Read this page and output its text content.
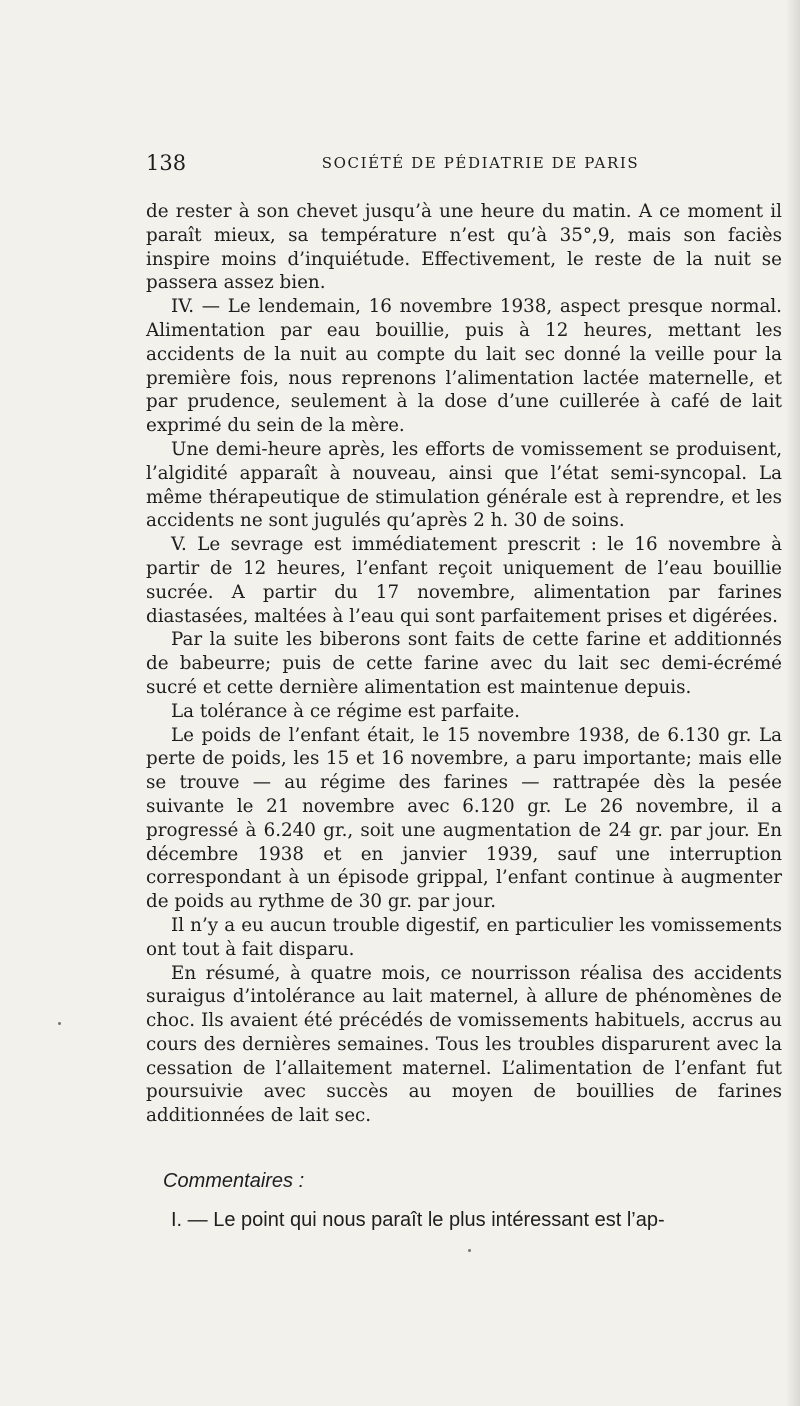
138	SOCIÉTÉ DE PÉDIATRIE DE PARIS

de rester à son chevet jusqu’à une heure du matin. A ce moment il paraît mieux, sa température n’est qu’à 35°,9, mais son faciès inspire moins d’inquiétude. Effectivement, le reste de la nuit se passera assez bien.

IV. — Le lendemain, 16 novembre 1938, aspect presque normal. Alimentation par eau bouillie, puis à 12 heures, mettant les accidents de la nuit au compte du lait sec donné la veille pour la première fois, nous reprenons l’alimentation lactée maternelle, et par prudence, seulement à la dose d’une cuillerée à café de lait exprimé du sein de la mère.

Une demi-heure après, les efforts de vomissement se produisent, l’algidité apparaît à nouveau, ainsi que l’état semi-syncopal. La même thérapeutique de stimulation générale est à reprendre, et les accidents ne sont jugulés qu’après 2 h. 30 de soins.

V. Le sevrage est immédiatement prescrit : le 16 novembre à partir de 12 heures, l’enfant reçoit uniquement de l’eau bouillie sucrée. A partir du 17 novembre, alimentation par farines diastasées, maltées à l’eau qui sont parfaitement prises et digérées.

Par la suite les biberons sont faits de cette farine et additionnés de babeurre; puis de cette farine avec du lait sec demi-écrémé sucré et cette dernière alimentation est maintenue depuis.

La tolérance à ce régime est parfaite.

Le poids de l’enfant était, le 15 novembre 1938, de 6.130 gr. La perte de poids, les 15 et 16 novembre, a paru importante; mais elle se trouve — au régime des farines — rattrapée dès la pesée suivante le 21 novembre avec 6.120 gr. Le 26 novembre, il a progressé à 6.240 gr., soit une augmentation de 24 gr. par jour. En décembre 1938 et en janvier 1939, sauf une interruption correspondant à un épisode grippal, l’enfant continue à augmenter de poids au rythme de 30 gr. par jour.

Il n’y a eu aucun trouble digestif, en particulier les vomissements ont tout à fait disparu.

En résumé, à quatre mois, ce nourrisson réalisa des accidents suraigus d’intolérance au lait maternel, à allure de phénomènes de choc. Ils avaient été précédés de vomissements habituels, accrus au cours des dernières semaines. Tous les troubles disparurent avec la cessation de l’allaitement maternel. L’alimentation de l’enfant fut poursuivie avec succès au moyen de bouillies de farines additionnées de lait sec.

Commentaires :
I. — Le point qui nous paraît le plus intéressant est l’ap-
